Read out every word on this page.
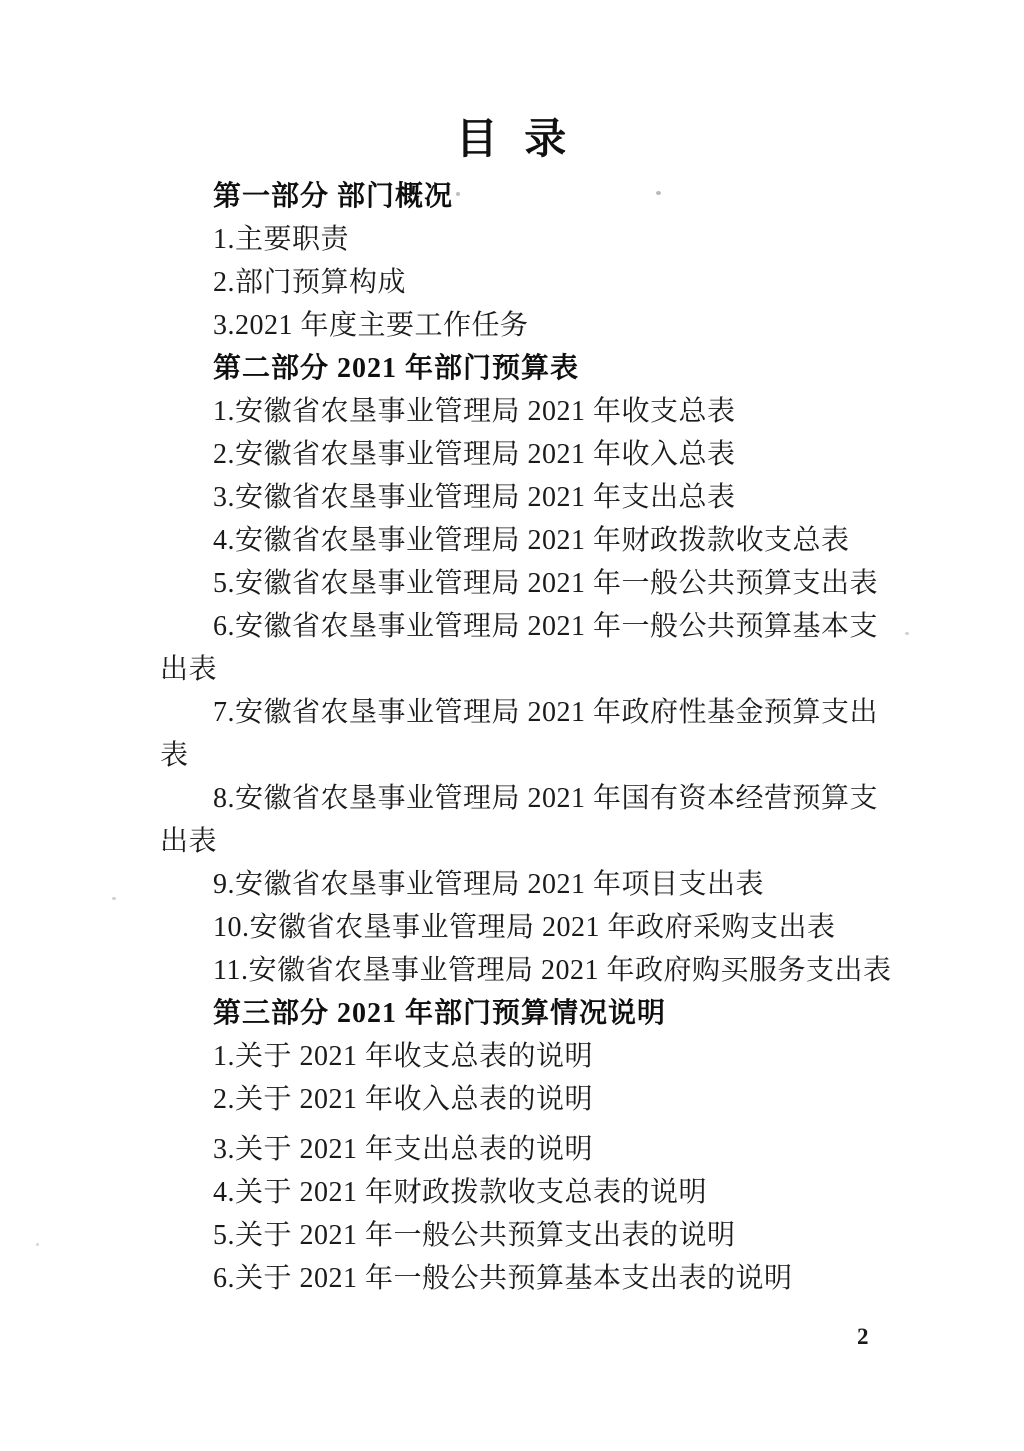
目 录
第一部分 部门概况
1.主要职责
2.部门预算构成
3.2021 年度主要工作任务
第二部分 2021 年部门预算表
1.安徽省农垦事业管理局 2021 年收支总表
2.安徽省农垦事业管理局 2021 年收入总表
3.安徽省农垦事业管理局 2021 年支出总表
4.安徽省农垦事业管理局 2021 年财政拨款收支总表
5.安徽省农垦事业管理局 2021 年一般公共预算支出表
6.安徽省农垦事业管理局 2021 年一般公共预算基本支
出表
7.安徽省农垦事业管理局 2021 年政府性基金预算支出
表
8.安徽省农垦事业管理局 2021 年国有资本经营预算支
出表
9.安徽省农垦事业管理局 2021 年项目支出表
10.安徽省农垦事业管理局 2021 年政府采购支出表
11.安徽省农垦事业管理局 2021 年政府购买服务支出表
第三部分 2021 年部门预算情况说明
1.关于 2021 年收支总表的说明
2.关于 2021 年收入总表的说明
3.关于 2021 年支出总表的说明
4.关于 2021 年财政拨款收支总表的说明
5.关于 2021 年一般公共预算支出表的说明
6.关于 2021 年一般公共预算基本支出表的说明
2
